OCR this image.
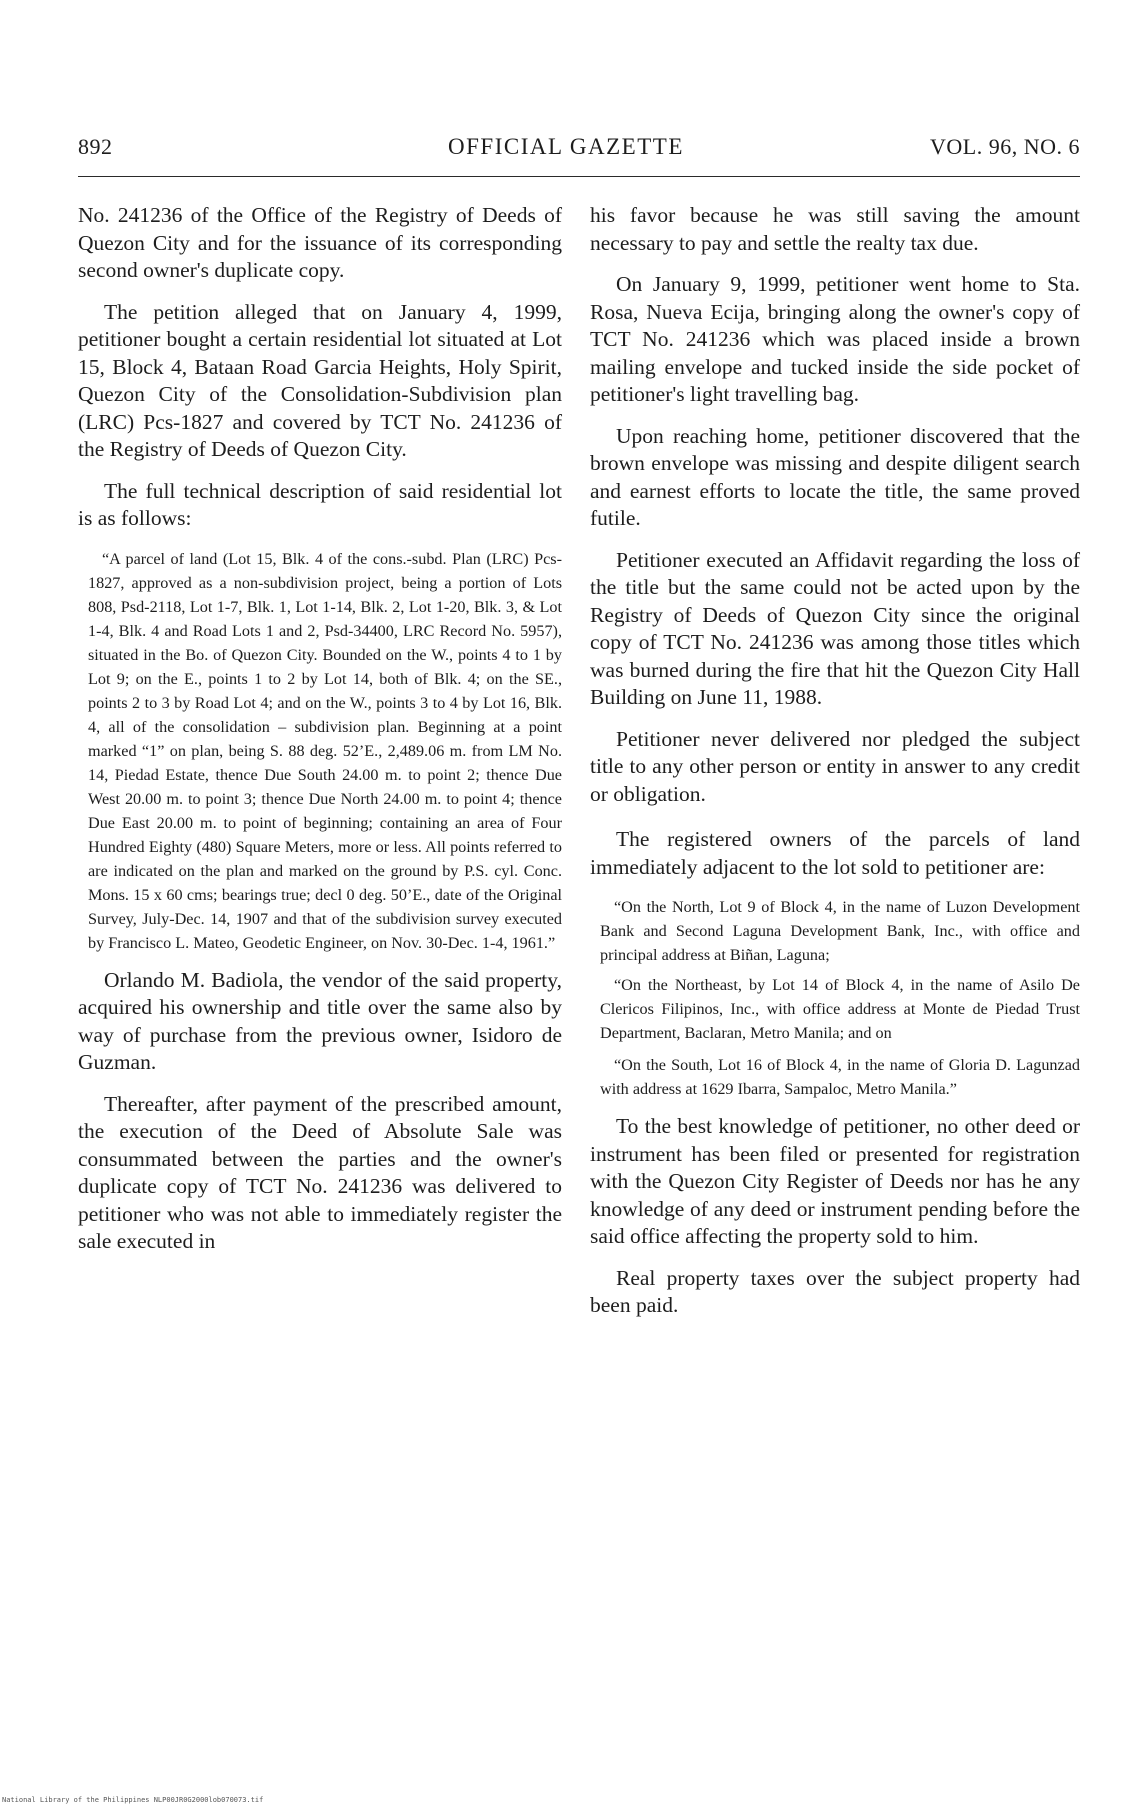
892	OFFICIAL GAZETTE	VOL. 96, NO. 6

No. 241236 of the Office of the Registry of Deeds of Quezon City and for the issuance of its corresponding second owner's duplicate copy.

The petition alleged that on January 4, 1999, petitioner bought a certain residential lot situated at Lot 15, Block 4, Bataan Road Garcia Heights, Holy Spirit, Quezon City of the Consolidation-Subdivision plan (LRC) Pcs-1827 and covered by TCT No. 241236 of the Registry of Deeds of Quezon City.

The full technical description of said residential lot is as follows:

“A parcel of land (Lot 15, Blk. 4 of the cons.-subd. Plan (LRC) Pcs-1827, approved as a non-subdivision project, being a portion of Lots 808, Psd-2118, Lot 1-7, Blk. 1, Lot 1-14, Blk. 2, Lot 1-20, Blk. 3, & Lot 1-4, Blk. 4 and Road Lots 1 and 2, Psd-34400, LRC Record No. 5957), situated in the Bo. of Quezon City. Bounded on the W., points 4 to 1 by Lot 9; on the E., points 1 to 2 by Lot 14, both of Blk. 4; on the SE., points 2 to 3 by Road Lot 4; and on the W., points 3 to 4 by Lot 16, Blk. 4, all of the consolidation – subdivision plan. Beginning at a point marked “1” on plan, being S. 88 deg. 52’E., 2,489.06 m. from LM No. 14, Piedad Estate, thence Due South 24.00 m. to point 2; thence Due West 20.00 m. to point 3; thence Due North 24.00 m. to point 4; thence Due East 20.00 m. to point of beginning; containing an area of Four Hundred Eighty (480) Square Meters, more or less. All points referred to are indicated on the plan and marked on the ground by P.S. cyl. Conc. Mons. 15 x 60 cms; bearings true; decl 0 deg. 50’E., date of the Original Survey, July-Dec. 14, 1907 and that of the subdivision survey executed by Francisco L. Mateo, Geodetic Engineer, on Nov. 30-Dec. 1-4, 1961.”

Orlando M. Badiola, the vendor of the said property, acquired his ownership and title over the same also by way of purchase from the previous owner, Isidoro de Guzman.

Thereafter, after payment of the prescribed amount, the execution of the Deed of Absolute Sale was consummated between the parties and the owner's duplicate copy of TCT No. 241236 was delivered to petitioner who was not able to immediately register the sale executed in

his favor because he was still saving the amount necessary to pay and settle the realty tax due.

On January 9, 1999, petitioner went home to Sta. Rosa, Nueva Ecija, bringing along the owner's copy of TCT No. 241236 which was placed inside a brown mailing envelope and tucked inside the side pocket of petitioner's light travelling bag.

Upon reaching home, petitioner discovered that the brown envelope was missing and despite diligent search and earnest efforts to locate the title, the same proved futile.

Petitioner executed an Affidavit regarding the loss of the title but the same could not be acted upon by the Registry of Deeds of Quezon City since the original copy of TCT No. 241236 was among those titles which was burned during the fire that hit the Quezon City Hall Building on June 11, 1988.

Petitioner never delivered nor pledged the subject title to any other person or entity in answer to any credit or obligation.

The registered owners of the parcels of land immediately adjacent to the lot sold to petitioner are:

“On the North, Lot 9 of Block 4, in the name of Luzon Development Bank and Second Laguna Development Bank, Inc., with office and principal address at Biñan, Laguna;

“On the Northeast, by Lot 14 of Block 4, in the name of Asilo De Clericos Filipinos, Inc., with office address at Monte de Piedad Trust Department, Baclaran, Metro Manila; and on

“On the South, Lot 16 of Block 4, in the name of Gloria D. Lagunzad with address at 1629 Ibarra, Sampaloc, Metro Manila.”

To the best knowledge of petitioner, no other deed or instrument has been filed or presented for registration with the Quezon City Register of Deeds nor has he any knowledge of any deed or instrument pending before the said office affecting the property sold to him.

Real property taxes over the subject property had been paid.

National Library of the Philippines NLP00JR0G2000lob070073.tif
